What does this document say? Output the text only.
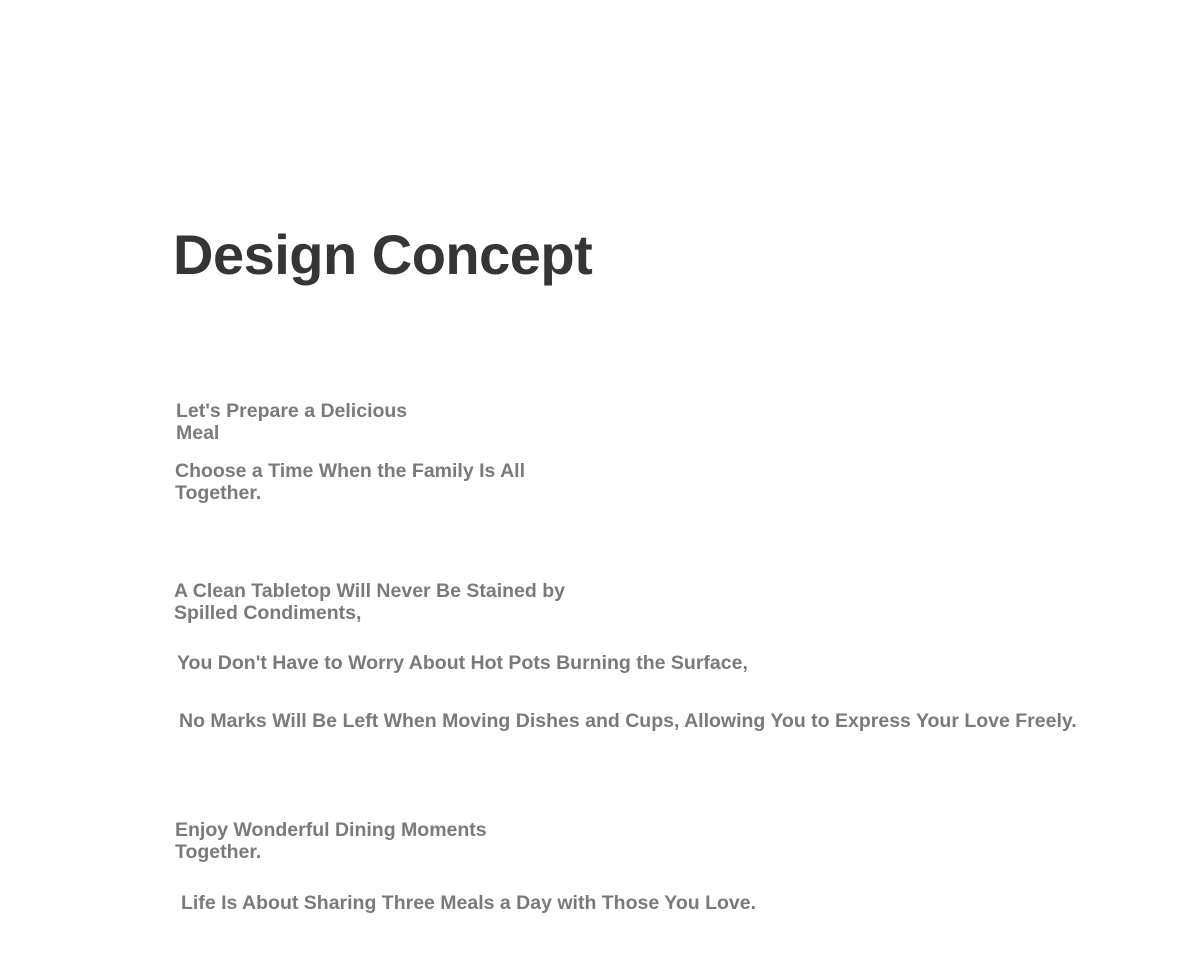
Design Concept
Let's Prepare a Delicious Meal
Choose a Time When the Family Is All Together.
A Clean Tabletop Will Never Be Stained by Spilled Condiments,
You Don't Have to Worry About Hot Pots Burning the Surface,
No Marks Will Be Left When Moving Dishes and Cups, Allowing You to Express Your Love Freely.
Enjoy Wonderful Dining Moments Together.
Life Is About Sharing Three Meals a Day with Those You Love.
